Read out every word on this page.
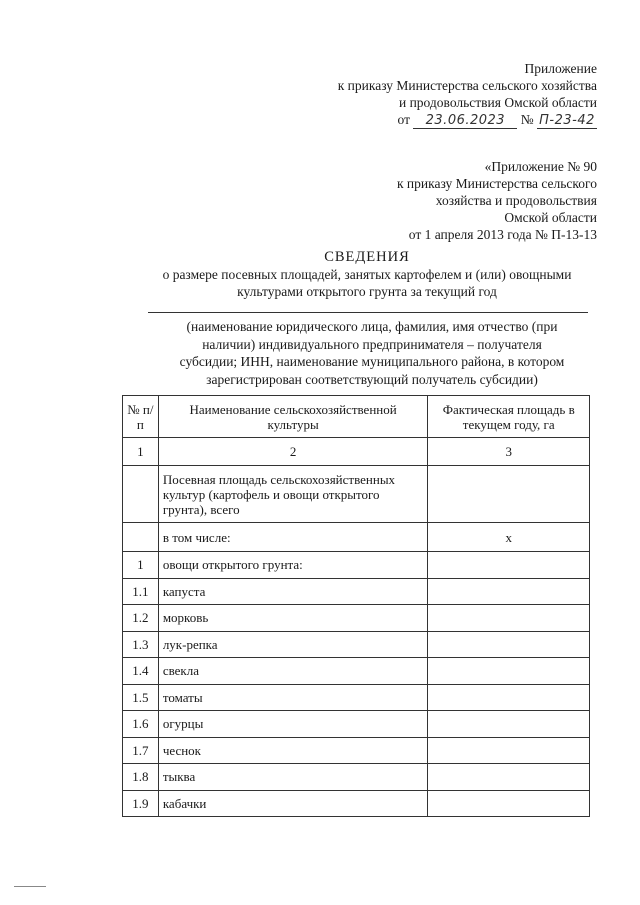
Приложение
к приказу Министерства сельского хозяйства
и продовольствия Омской области
от 23.06.2023 № П-23-42
«Приложение № 90
к приказу Министерства сельского
хозяйства и продовольствия
Омской области
от 1 апреля 2013 года № П-13-13
СВЕДЕНИЯ
о размере посевных площадей, занятых картофелем и (или) овощными
культурами открытого грунта за текущий год
(наименование юридического лица, фамилия, имя отчество (при
наличии) индивидуального предпринимателя – получателя
субсидии; ИНН, наименование муниципального района, в котором
зарегистрирован соответствующий получатель субсидии)
№ п/п	Наименование сельскохозяйственной культуры	Фактическая площадь в текущем году, га
1	2	3
	Посевная площадь сельскохозяйственных культур (картофель и овощи открытого грунта), всего	
	в том числе:	x
1	овощи открытого грунта:	
1.1	капуста	
1.2	морковь	
1.3	лук-репка	
1.4	свекла	
1.5	томаты	
1.6	огурцы	
1.7	чеснок	
1.8	тыква	
1.9	кабачки	
